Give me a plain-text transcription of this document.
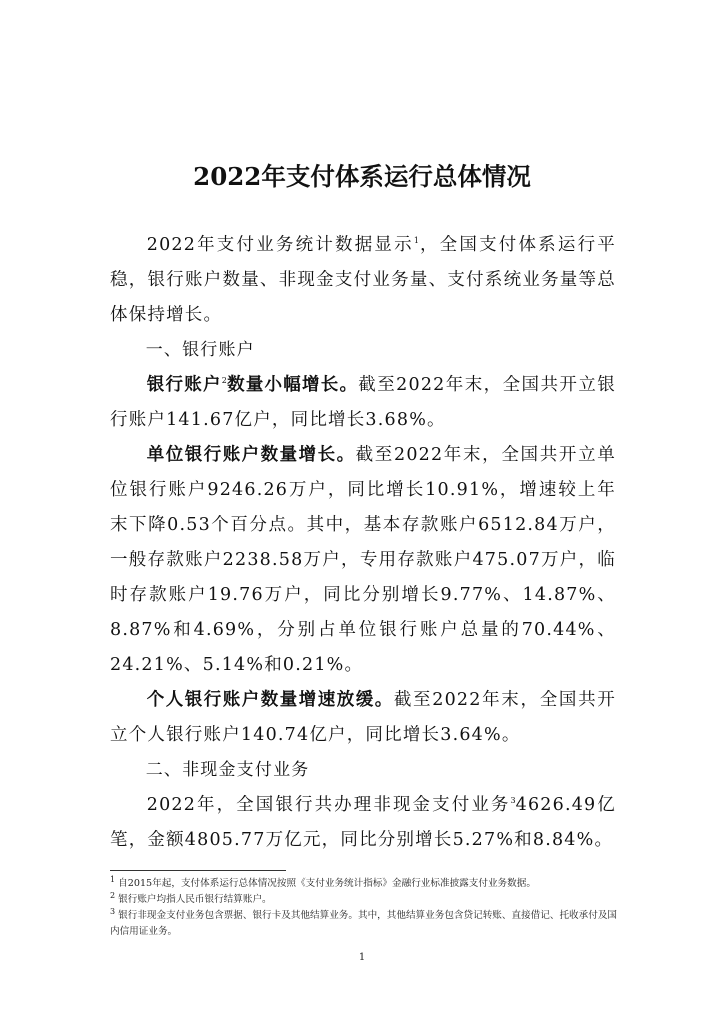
2022年支付体系运行总体情况

2022年支付业务统计数据显示$^1$，全国支付体系运行平稳，银行账户数量、非现金支付业务量、支付系统业务量等总体保持增长。

一、银行账户

银行账户$^2$数量小幅增长。截至2022年末，全国共开立银行账户141.67亿户，同比增长3.68%。

单位银行账户数量增长。截至2022年末，全国共开立单位银行账户9246.26万户，同比增长10.91%，增速较上年末下降0.53个百分点。其中，基本存款账户6512.84万户，一般存款账户2238.58万户，专用存款账户475.07万户，临时存款账户19.76万户，同比分别增长9.77%、14.87%、8.87%和4.69%，分别占单位银行账户总量的70.44%、24.21%、5.14%和0.21%。

个人银行账户数量增速放缓。截至2022年末，全国共开立个人银行账户140.74亿户，同比增长3.64%。

二、非现金支付业务

2022年，全国银行共办理非现金支付业务$^3$4626.49亿笔，金额4805.77万亿元，同比分别增长5.27%和8.84%。

$^1$ 自2015年起，支付体系运行总体情况按照《支付业务统计指标》金融行业标准披露支付业务数据。
$^2$ 银行账户均指人民币银行结算账户。
$^3$ 银行非现金支付业务包含票据、银行卡及其他结算业务。其中，其他结算业务包含贷记转账、直接借记、托收承付及国内信用证业务。
1
